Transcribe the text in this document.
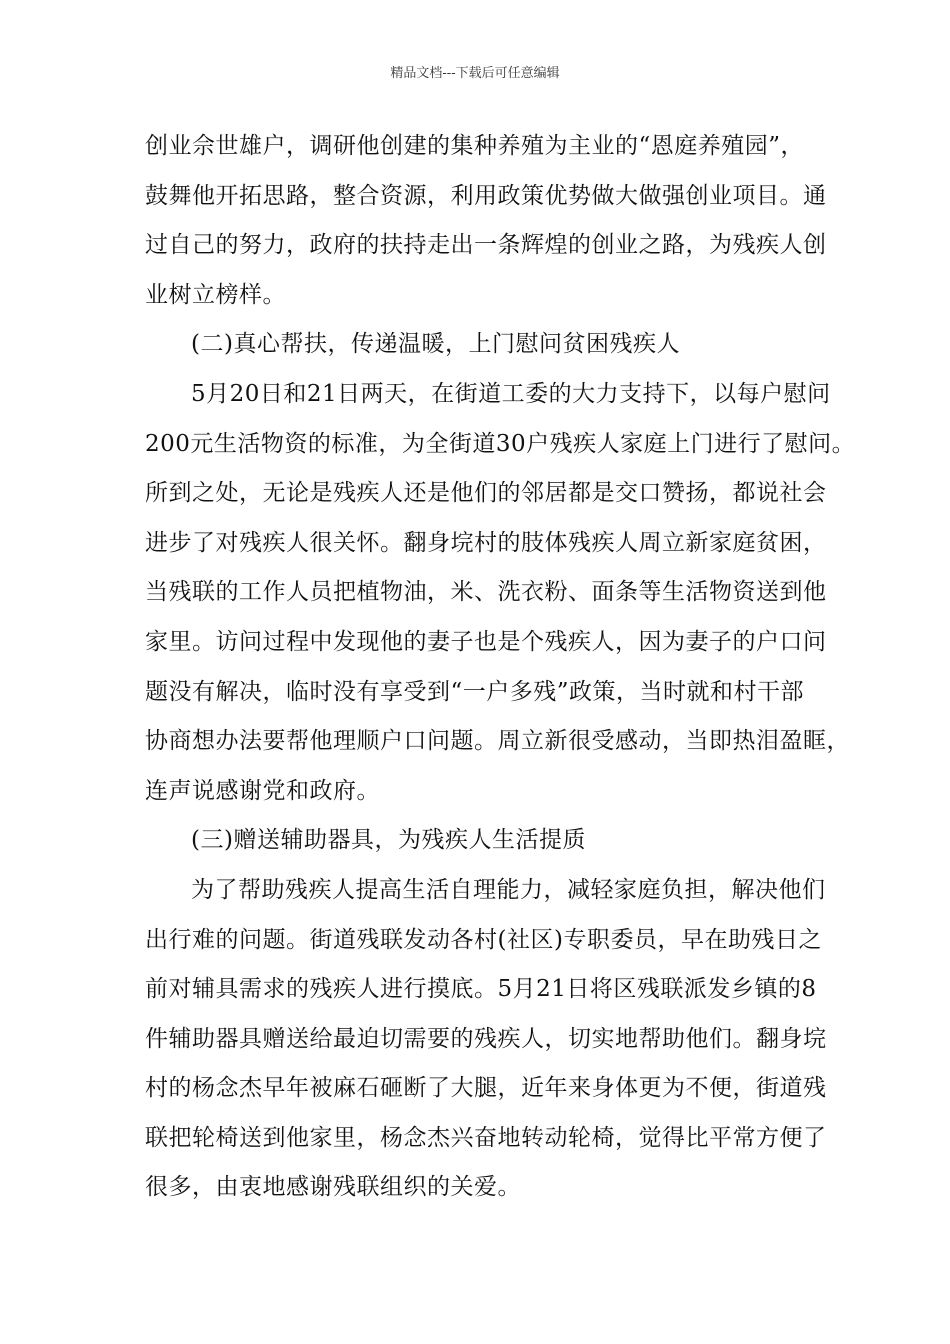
精品文档---下载后可任意编辑
创业佘世雄户，调研他创建的集种养殖为主业的“恩庭养殖园”，
鼓舞他开拓思路，整合资源，利用政策优势做大做强创业项目。通
过自己的努力，政府的扶持走出一条辉煌的创业之路，为残疾人创
业树立榜样。
(二)真心帮扶，传递温暖，上门慰问贫困残疾人
5月20日和21日两天，在街道工委的大力支持下，以每户慰问
200元生活物资的标准，为全街道30户残疾人家庭上门进行了慰问。
所到之处，无论是残疾人还是他们的邻居都是交口赞扬，都说社会
进步了对残疾人很关怀。翻身垸村的肢体残疾人周立新家庭贫困，
当残联的工作人员把植物油，米、洗衣粉、面条等生活物资送到他
家里。访问过程中发现他的妻子也是个残疾人，因为妻子的户口问
题没有解决，临时没有享受到“一户多残”政策，当时就和村干部
协商想办法要帮他理顺户口问题。周立新很受感动，当即热泪盈眶，
连声说感谢党和政府。
(三)赠送辅助器具，为残疾人生活提质
为了帮助残疾人提高生活自理能力，减轻家庭负担，解决他们
出行难的问题。街道残联发动各村(社区)专职委员，早在助残日之
前对辅具需求的残疾人进行摸底。5月21日将区残联派发乡镇的8
件辅助器具赠送给最迫切需要的残疾人，切实地帮助他们。翻身垸
村的杨念杰早年被麻石砸断了大腿，近年来身体更为不便，街道残
联把轮椅送到他家里，杨念杰兴奋地转动轮椅，觉得比平常方便了
很多，由衷地感谢残联组织的关爱。
